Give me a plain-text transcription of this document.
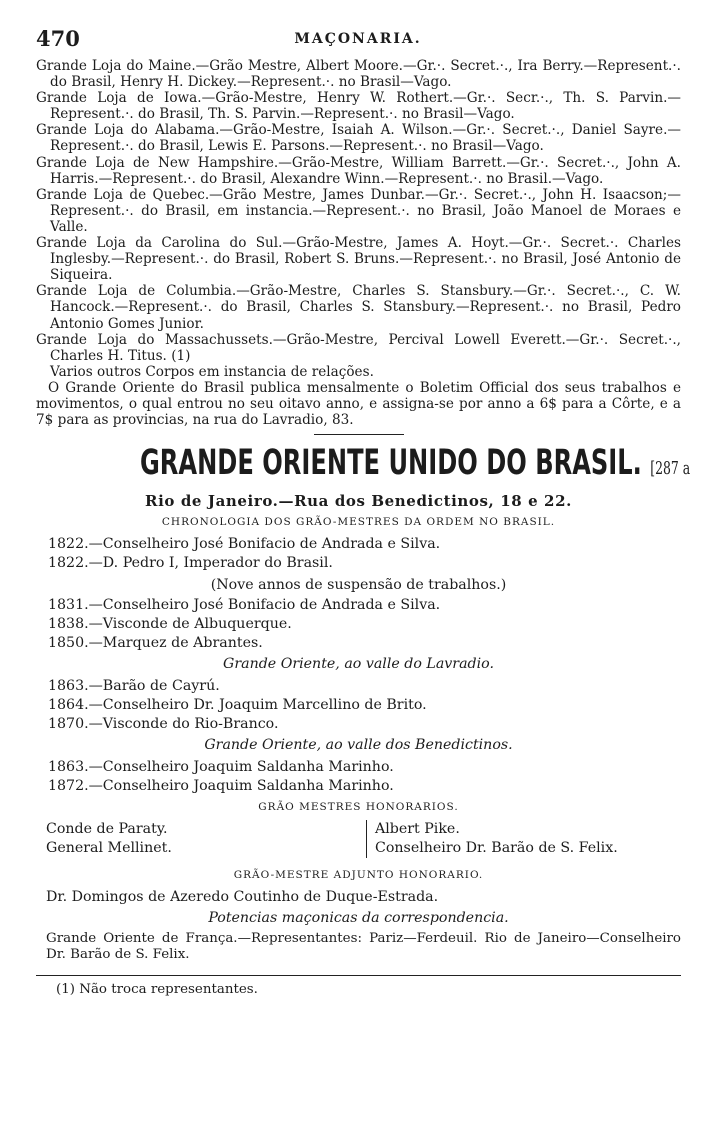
470	MAÇONARIA.

Grande Loja do Maine.—Grão Mestre, Albert Moore.—Gr.·. Secret.·., Ira Berry.—Represent.·. do Brasil, Henry H. Dickey.—Represent.·. no Brasil—Vago.

Grande Loja de Iowa.—Grão-Mestre, Henry W. Rothert.—Gr.·. Secr.·., Th. S. Parvin.—Represent.·. do Brasil, Th. S. Parvin.—Represent.·. no Brasil—Vago.

Grande Loja do Alabama.—Grão-Mestre, Isaiah A. Wilson.—Gr.·. Secret.·., Daniel Sayre.—Represent.·. do Brasil, Lewis E. Parsons.—Represent.·. no Brasil—Vago.

Grande Loja de New Hampshire.—Grão-Mestre, William Barrett.—Gr.·. Secret.·., John A. Harris.—Represent.·. do Brasil, Alexandre Winn.—Represent.·. no Brasil.—Vago.

Grande Loja de Quebec.—Grão Mestre, James Dunbar.—Gr.·. Secret.·., John H. Isaacson;—Represent.·. do Brasil, em instancia.—Represent.·. no Brasil, João Manoel de Moraes e Valle.

Grande Loja da Carolina do Sul.—Grão-Mestre, James A. Hoyt.—Gr.·. Secret.·. Charles Inglesby.—Represent.·. do Brasil, Robert S. Bruns.—Represent.·. no Brasil, José Antonio de Siqueira.

Grande Loja de Columbia.—Grão-Mestre, Charles S. Stansbury.—Gr.·. Secret.·., C. W. Hancock.—Represent.·. do Brasil, Charles S. Stansbury.—Represent.·. no Brasil, Pedro Antonio Gomes Junior.

Grande Loja do Massachussets.—Grão-Mestre, Percival Lowell Everett.—Gr.·. Secret.·., Charles H. Titus. (1)

Varios outros Corpos em instancia de relações.

O Grande Oriente do Brasil publica mensalmente o Boletim Official dos seus trabalhos e movimentos, o qual entrou no seu oitavo anno, e assigna-se por anno a 6$ para a Côrte, e a 7$ para as provincias, na rua do Lavradio, 83.

GRANDE ORIENTE UNIDO DO BRASIL. [287 a
Rio de Janeiro.—Rua dos Benedictinos, 18 e 22.
CHRONOLOGIA DOS GRÃO-MESTRES DA ORDEM NO BRASIL.

1822.—Conselheiro José Bonifacio de Andrada e Silva.

1822.—D. Pedro I, Imperador do Brasil.

(Nove annos de suspensão de trabalhos.)

1831.—Conselheiro José Bonifacio de Andrada e Silva.

1838.—Visconde de Albuquerque.

1850.—Marquez de Abrantes.

Grande Oriente, ao valle do Lavradio.

1863.—Barão de Cayrú.

1864.—Conselheiro Dr. Joaquim Marcellino de Brito.

1870.—Visconde do Rio-Branco.

Grande Oriente, ao valle dos Benedictinos.

1863.—Conselheiro Joaquim Saldanha Marinho.

1872.—Conselheiro Joaquim Saldanha Marinho.

GRÃO MESTRES HONORARIOS.
Conde de Paraty.
General Mellinet.
Albert Pike.
Conselheiro Dr. Barão de S. Felix.
GRÃO-MESTRE ADJUNTO HONORARIO.

Dr. Domingos de Azeredo Coutinho de Duque-Estrada.

Potencias maçonicas da correspondencia.

Grande Oriente de França.—Representantes: Pariz—Ferdeuil. Rio de Janeiro—Conselheiro Dr. Barão de S. Felix.

(1) Não troca representantes.
